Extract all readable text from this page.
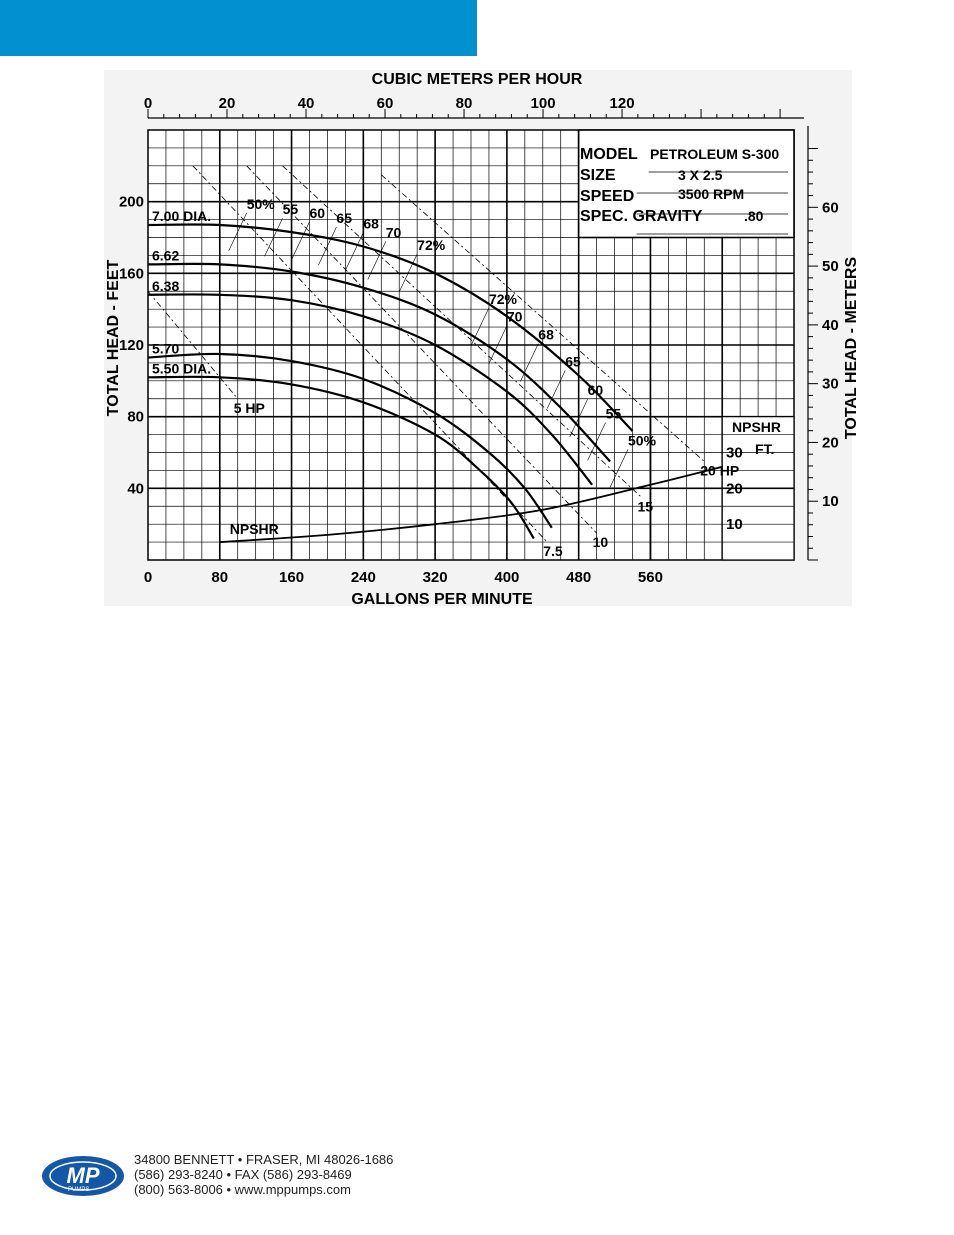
0	20	40	60	80	100	120
0	80	160	240	320	400	480	560
40
80
120
160
200
10
20
30
40
50
60
10
20
30
7.00 DIA.
6.62
6.38
5.70
5.50 DIA.
NPSHR
50% 55 60 65 68
70
72%
72%
70
68
65
60
55
50%
5 HP
7.5
10
15
20 HP
MODEL PETROLEUM S-300
SIZE	3 X 2.5
SPEED	3500 RPM
SPEC. GRAVITY	.80
CUBIC METERS PER HOUR
GALLONS PER MINUTE
TOTAL HEAD - FEET	TOTAL HEAD - METERS
NPSHR
FT.
MP
PUMPS
34800 BENNETT • FRASER, MI 48026-1686
(586) 293-8240 • FAX (586) 293-8469
(800) 563-8006 • www.mppumps.com
